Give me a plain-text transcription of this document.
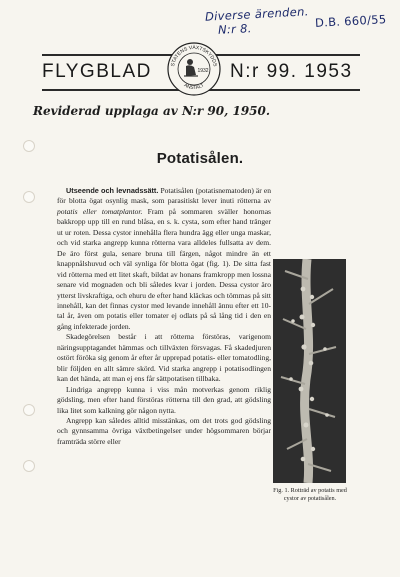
Diverse ärenden. D.B. 660/55
N:r 8.
FLYGBLAD	N:r 99. 1953
STATENS VÄXTSKYDDS
ANSTALT
1932
Reviderad upplaga av N:r 90, 1950.
Potatisålen.

Utseende och levnadssätt. Potatisålen (potatisnematoden) är en för blotta ögat osynlig mask, som parasitiskt lever inuti rötterna av potatis eller tomatplantor. Fram på sommaren sväller honornas bakkropp upp till en rund blåsa, en s. k. cysta, som efter hand tränger ut ur roten. Dessa cystor innehålla flera hundra ägg eller unga maskar, och vid starka angrepp kunna rötterna vara alldeles fullsatta av dem. De äro först gula, senare bruna till färgen, något mindre än ett knappnålshuvud och väl synliga för blotta ögat (fig. 1). De sitta fast vid rötterna med ett litet skaft, bildat av honans framkropp men lossna senare vid mognaden och bli således kvar i jorden. Dessa cystor äro ytterst livskraftiga, och ehuru de efter hand kläckas och tömmas på sitt innehåll, kan det finnas cystor med levande innehåll ännu efter ett 10-tal år, även om potatis eller tomater ej odlats på så lång tid i den en gång infekterade jorden.

Skadegörelsen består i att rötterna förstöras, varigenom näringsupptagandet hämmas och tillväxten försvagas. Få skadedjuren ostört föröka sig genom år efter år upprepad potatis- eller tomatodling, blir följden en allt sämre skörd. Vid starka angrepp i potatisodlingen kan det hända, att man ej ens får sättpotatisen tillbaka.

Lindriga angrepp kunna i viss mån motverkas genom riklig gödsling, men efter hand förstöras rötterna till den grad, att gödsling lika litet som kalkning gör någon nytta.

Angrepp kan således alltid misstänkas, om det trots god gödsling och gynnsamma övriga växtbetingelser under högsommaren börjar framträda större eller

Fig. 1. Rotträd av potatis med cystor av potatisålen.
